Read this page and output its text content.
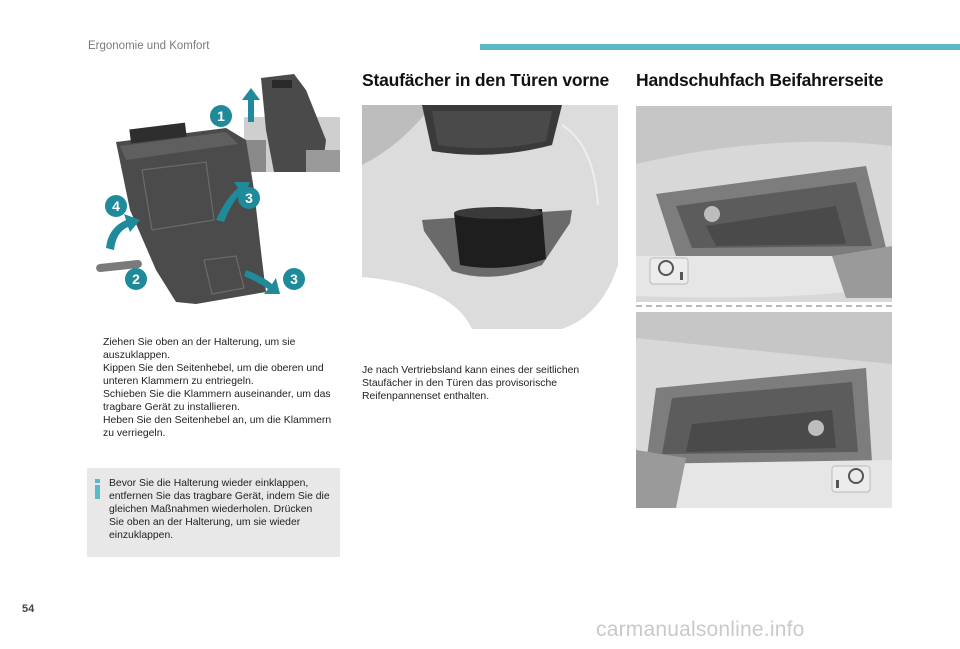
Ergonomie und Komfort
1
3
4
2	3
Ziehen Sie oben an der Halterung, um sie auszuklappen.
Kippen Sie den Seitenhebel, um die oberen und unteren Klammern zu entriegeln.
Schieben Sie die Klammern auseinander, um das tragbare Gerät zu installieren.
Heben Sie den Seitenhebel an, um die Klammern zu verriegeln.
Bevor Sie die Halterung wieder einklappen, entfernen Sie das tragbare Gerät, indem Sie die gleichen Maßnahmen wiederholen. Drücken Sie oben an der Halterung, um sie wieder einzuklappen.
Staufächer in den Türen vorne
Je nach Vertriebsland kann eines der seitlichen Staufächer in den Türen das provisorische Reifenpannenset enthalten.
Handschuhfach Beifahrerseite
54
carmanualsonline.info
